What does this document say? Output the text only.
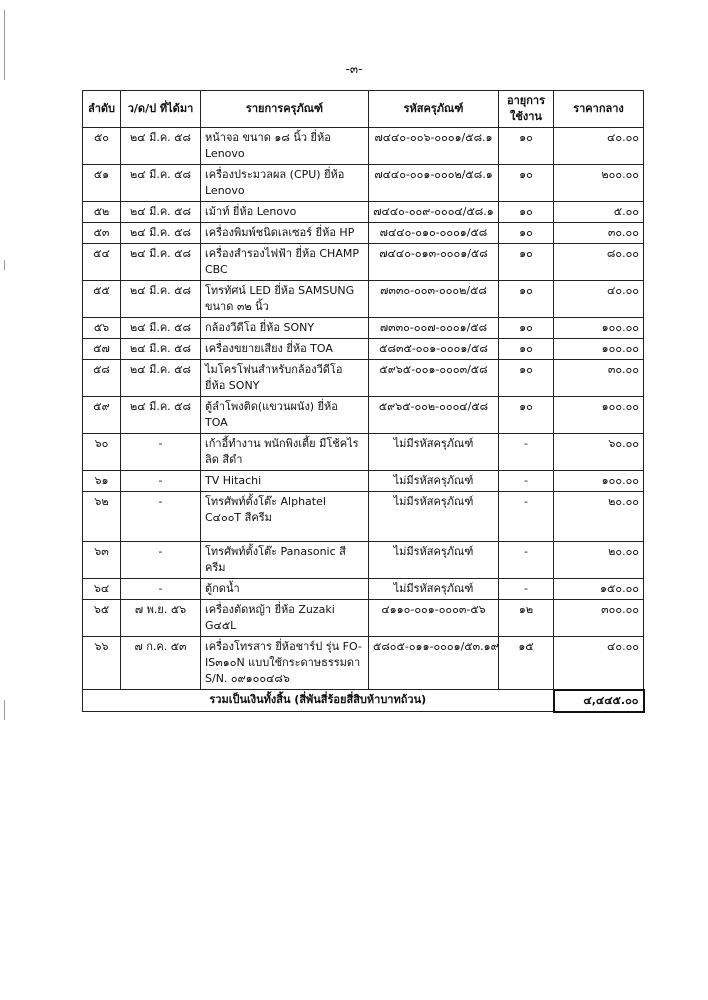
-๓-
ลำดับ	ว/ด/ป ที่ได้มา	รายการครุภัณฑ์	รหัสครุภัณฑ์	อายุการใช้งาน	ราคากลาง
๕๐	๒๔ มี.ค. ๕๘	หน้าจอ ขนาด ๑๘ นิ้ว ยี่ห้อ Lenovo	๗๔๔๐-๐๐๖-๐๐๐๑/๕๘.๑	๑๐	๔๐.๐๐
๕๑	๒๔ มี.ค. ๕๘	เครื่องประมวลผล (CPU) ยี่ห้อ Lenovo	๗๔๔๐-๐๐๑-๐๐๐๒/๕๘.๑	๑๐	๒๐๐.๐๐
๕๒	๒๔ มี.ค. ๕๘	เม้าท์ ยี่ห้อ Lenovo	๗๔๔๐-๐๐๙-๐๐๐๔/๕๘.๑	๑๐	๕.๐๐
๕๓	๒๔ มี.ค. ๕๘	เครื่องพิมพ์ชนิดเลเซอร์ ยี่ห้อ HP	๗๔๔๐-๐๑๐-๐๐๐๑/๕๘	๑๐	๓๐.๐๐
๕๔	๒๔ มี.ค. ๕๘	เครื่องสำรองไฟฟ้า ยี่ห้อ CHAMP CBC	๗๔๔๐-๐๑๓-๐๐๐๑/๕๘	๑๐	๘๐.๐๐
๕๕	๒๔ มี.ค. ๕๘	โทรทัศน์ LED ยี่ห้อ SAMSUNG ขนาด ๓๒ นิ้ว	๗๓๓๐-๐๐๓-๐๐๐๒/๕๘	๑๐	๔๐.๐๐
๕๖	๒๔ มี.ค. ๕๘	กล้องวีดีโอ ยี่ห้อ SONY	๗๓๓๐-๐๐๗-๐๐๐๑/๕๘	๑๐	๑๐๐.๐๐
๕๗	๒๔ มี.ค. ๕๘	เครื่องขยายเสียง ยี่ห้อ TOA	๕๘๓๕-๐๐๑-๐๐๐๑/๕๘	๑๐	๑๐๐.๐๐
๕๘	๒๔ มี.ค. ๕๘	ไมโครโฟนสำหรับกล้องวีดีโอ ยี่ห้อ SONY	๕๙๖๕-๐๐๑-๐๐๐๓/๕๘	๑๐	๓๐.๐๐
๕๙	๒๔ มี.ค. ๕๘	ตู้ลำโพงติด(แขวนผนัง) ยี่ห้อ TOA	๕๙๖๕-๐๐๒-๐๐๐๔/๕๘	๑๐	๑๐๐.๐๐
๖๐	-	เก้าอี้ทำงาน พนักพิงเตี้ย มีโช้คไร ลิด สีดำ	ไม่มีรหัสครุภัณฑ์	-	๖๐.๐๐
๖๑	-	TV Hitachi	ไม่มีรหัสครุภัณฑ์	-	๑๐๐.๐๐
๖๒	-	โทรศัพท์ตั้งโต๊ะ Alphatel C๔๐๐T สีครีม	ไม่มีรหัสครุภัณฑ์	-	๒๐.๐๐
๖๓	-	โทรศัพท์ตั้งโต๊ะ Panasonic สีครีม	ไม่มีรหัสครุภัณฑ์	-	๒๐.๐๐
๖๔	-	ตู้กดน้ำ	ไม่มีรหัสครุภัณฑ์	-	๑๕๐.๐๐
๖๕	๗ พ.ย. ๕๖	เครื่องตัดหญ้า ยี่ห้อ Zuzaki G๔๕L	๔๑๑๐-๐๐๑-๐๐๐๓-๕๖	๑๒	๓๐๐.๐๐
๖๖	๗ ก.ค. ๕๓	เครื่องโทรสาร ยี่ห้อชาร์ป รุ่น FO-IS๓๑๐N แบบใช้กระดาษธรรมดา S/N. ๐๙๑๐๐๔๘๖	๕๘๐๕-๐๑๑-๐๐๐๑/๕๓.๑๙	๑๕	๔๐.๐๐
รวมเป็นเงินทั้งสิ้น (สี่พันสี่ร้อยสี่สิบห้าบาทถ้วน)					๔,๔๔๕.๐๐
